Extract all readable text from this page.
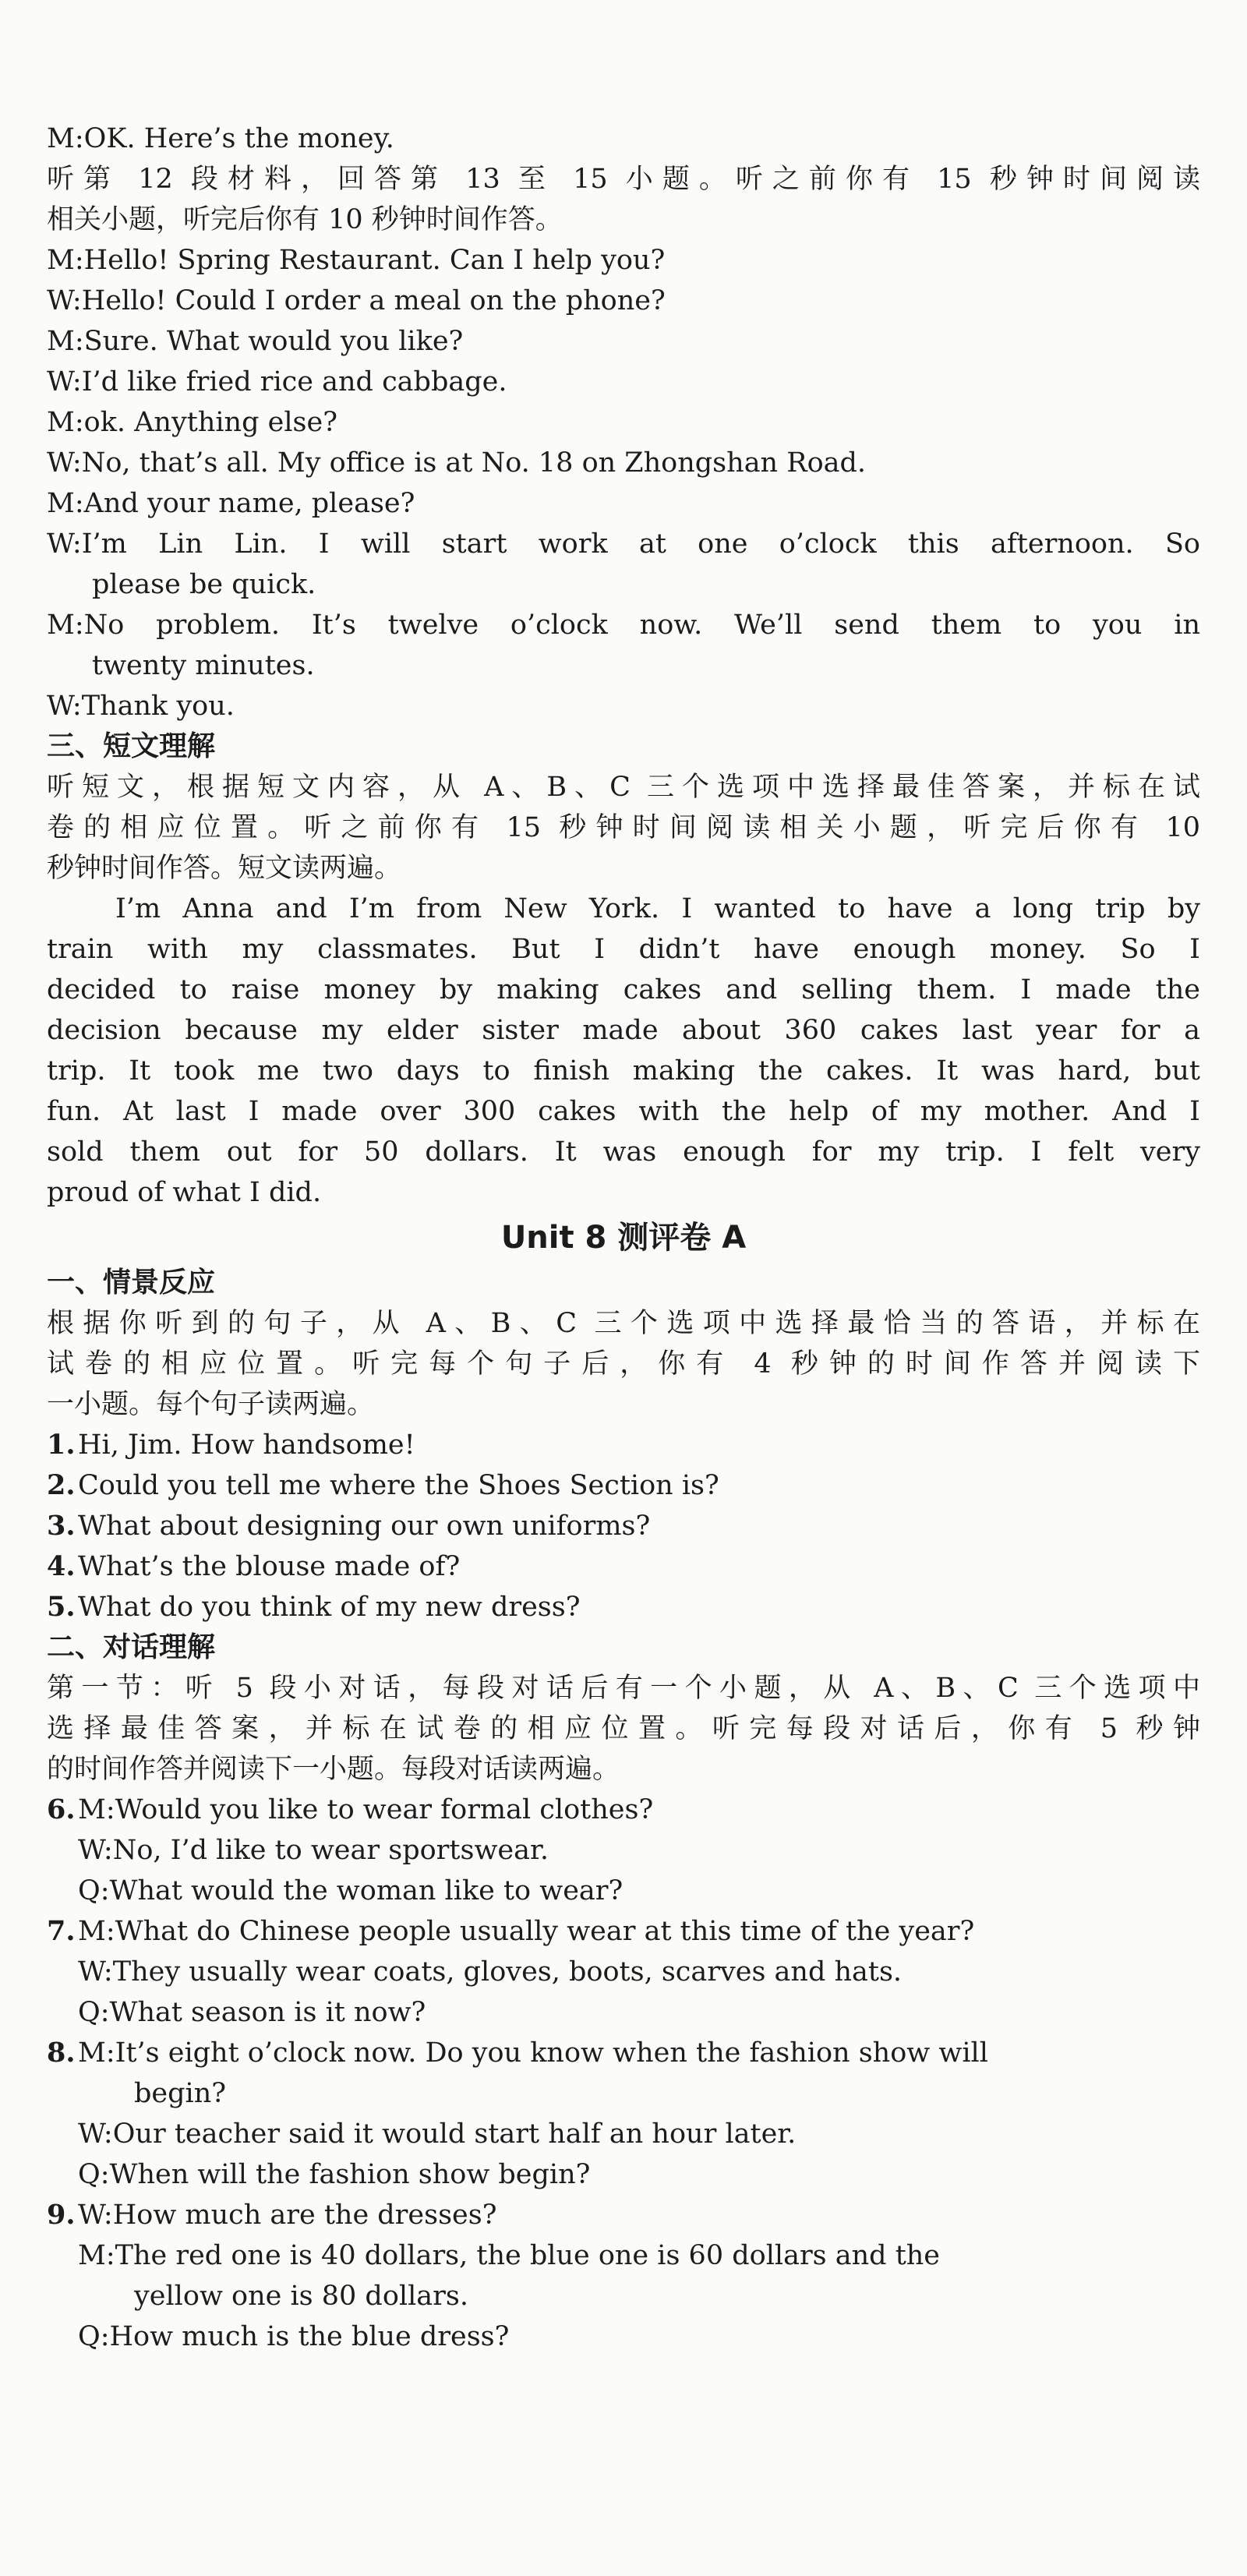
M:OK. Here’s the money.
听第 12 段材料，回答第 13 至 15 小题。听之前你有 15 秒钟时间阅读
相关小题，听完后你有 10 秒钟时间作答。
M:Hello! Spring Restaurant. Can I help you?
W:Hello! Could I order a meal on the phone?
M:Sure. What would you like?
W:I’d like fried rice and cabbage.
M:ok. Anything else?
W:No, that’s all. My office is at No. 18 on Zhongshan Road.
M:And your name, please?
W:I’m Lin Lin. I will start work at one o’clock this afternoon. So
please be quick.
M:No problem. It’s twelve o’clock now. We’ll send them to you in
twenty minutes.
W:Thank you.
三、短文理解
听短文，根据短文内容，从 A、B、C 三个选项中选择最佳答案，并标在试
卷的相应位置。听之前你有 15 秒钟时间阅读相关小题，听完后你有 10
秒钟时间作答。短文读两遍。
I’m Anna and I’m from New York. I wanted to have a long trip by
train with my classmates. But I didn’t have enough money. So I
decided to raise money by making cakes and selling them. I made the
decision because my elder sister made about 360 cakes last year for a
trip. It took me two days to finish making the cakes. It was hard, but
fun. At last I made over 300 cakes with the help of my mother. And I
sold them out for 50 dollars. It was enough for my trip. I felt very
proud of what I did.
Unit 8 测评卷 A
一、情景反应
根据你听到的句子，从 A、B、C 三个选项中选择最恰当的答语，并标在
试卷的相应位置。听完每个句子后，你有 4 秒钟的时间作答并阅读下
一小题。每个句子读两遍。
1. Hi, Jim. How handsome!
2. Could you tell me where the Shoes Section is?
3. What about designing our own uniforms?
4. What’s the blouse made of?
5. What do you think of my new dress?
二、对话理解
第一节：听 5 段小对话，每段对话后有一个小题，从 A、B、C 三个选项中
选择最佳答案，并标在试卷的相应位置。听完每段对话后，你有 5 秒钟
的时间作答并阅读下一小题。每段对话读两遍。
6. M:Would you like to wear formal clothes?
W:No, I’d like to wear sportswear.
Q:What would the woman like to wear?
7. M:What do Chinese people usually wear at this time of the year?
W:They usually wear coats, gloves, boots, scarves and hats.
Q:What season is it now?
8. M:It’s eight o’clock now. Do you know when the fashion show will
begin?
W:Our teacher said it would start half an hour later.
Q:When will the fashion show begin?
9. W:How much are the dresses?
M:The red one is 40 dollars, the blue one is 60 dollars and the
yellow one is 80 dollars.
Q:How much is the blue dress?
